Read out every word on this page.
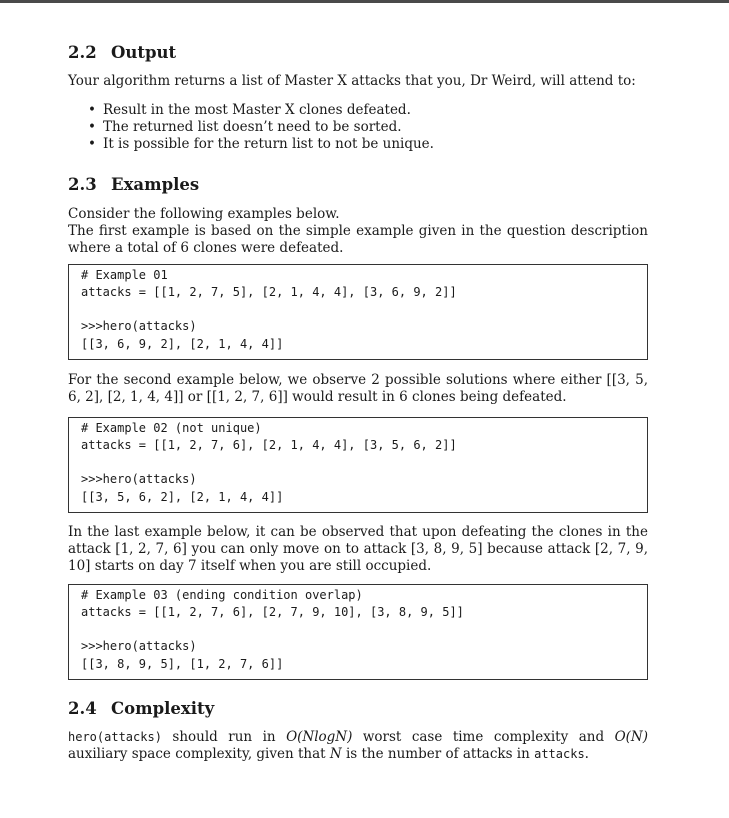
2.2 Output

Your algorithm returns a list of Master X attacks that you, Dr Weird, will attend to:

• Result in the most Master X clones defeated.
• The returned list doesn’t need to be sorted.
• It is possible for the return list to not be unique.
2.3 Examples
Consider the following examples below.
The first example is based on the simple example given in the question description where a total of 6 clones were defeated.
# Example 01
attacks = [[1, 2, 7, 5], [2, 1, 4, 4], [3, 6, 9, 2]]
>>>hero(attacks)
[[3, 6, 9, 2], [2, 1, 4, 4]]

For the second example below, we observe 2 possible solutions where either [[3, 5, 6, 2], [2, 1, 4, 4]] or [[1, 2, 7, 6]] would result in 6 clones being defeated.

# Example 02 (not unique)
attacks = [[1, 2, 7, 6], [2, 1, 4, 4], [3, 5, 6, 2]]
>>>hero(attacks)
[[3, 5, 6, 2], [2, 1, 4, 4]]

In the last example below, it can be observed that upon defeating the clones in the attack [1, 2, 7, 6] you can only move on to attack [3, 8, 9, 5] because attack [2, 7, 9, 10] starts on day 7 itself when you are still occupied.

# Example 03 (ending condition overlap)
attacks = [[1, 2, 7, 6], [2, 7, 9, 10], [3, 8, 9, 5]]
>>>hero(attacks)
[[3, 8, 9, 5], [1, 2, 7, 6]]
2.4 Complexity

hero(attacks) should run in O(NlogN) worst case time complexity and O(N) auxiliary space complexity, given that N is the number of attacks in attacks.
